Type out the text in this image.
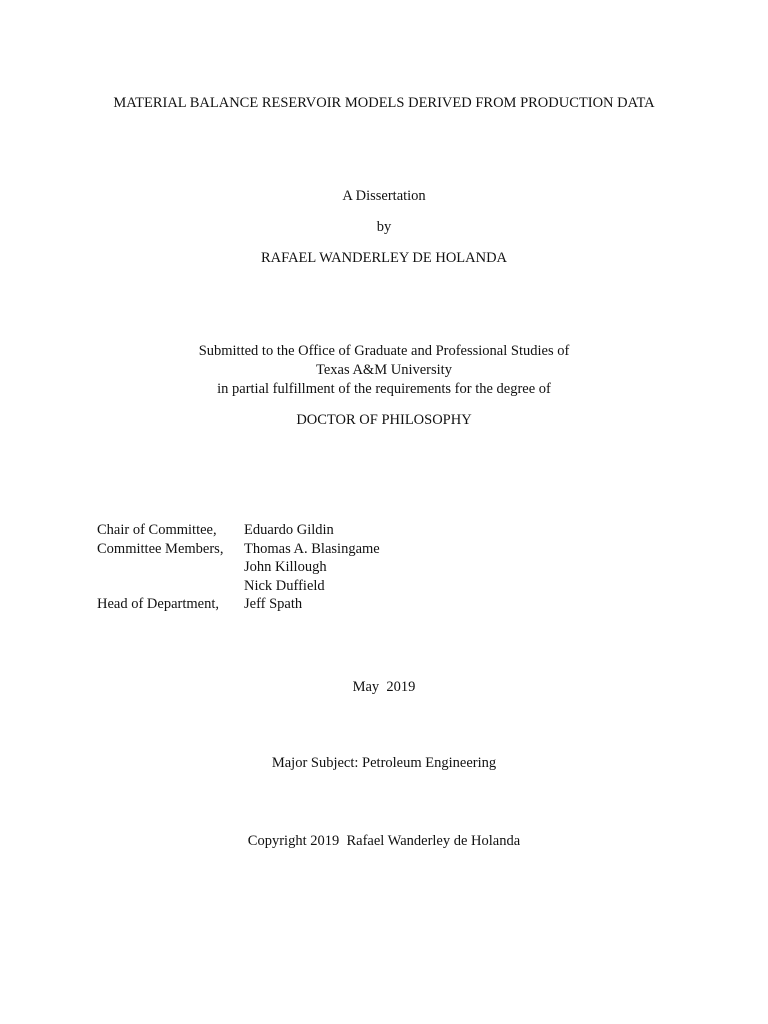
MATERIAL BALANCE RESERVOIR MODELS DERIVED FROM PRODUCTION DATA
A Dissertation
by
RAFAEL WANDERLEY DE HOLANDA
Submitted to the Office of Graduate and Professional Studies of
Texas A&M University
in partial fulfillment of the requirements for the degree of
DOCTOR OF PHILOSOPHY

Chair of Committee,

Eduardo Gildin

Committee Members,

Thomas A. Blasingame

John Killough

Nick Duffield

Head of Department,

Jeff Spath

May  2019
Major Subject: Petroleum Engineering
Copyright 2019  Rafael Wanderley de Holanda
